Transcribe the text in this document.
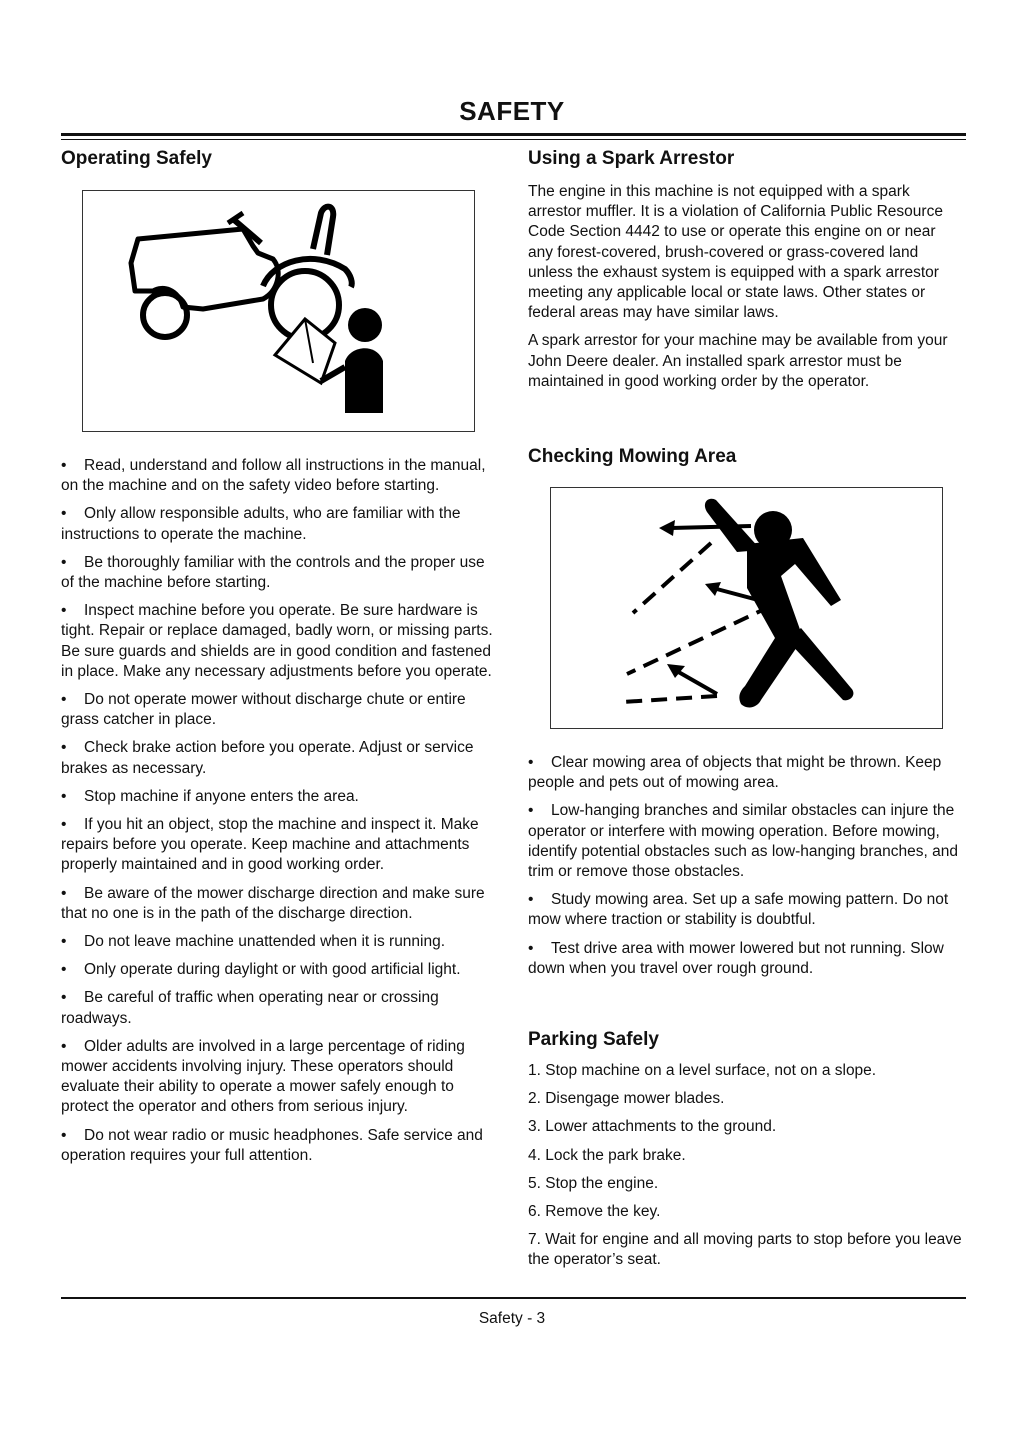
SAFETY
Operating Safely

• Read, understand and follow all instructions in the manual, on the machine and on the safety video before starting.

• Only allow responsible adults, who are familiar with the instructions to operate the machine.

• Be thoroughly familiar with the controls and the proper use of the machine before starting.

• Inspect machine before you operate. Be sure hardware is tight. Repair or replace damaged, badly worn, or missing parts. Be sure guards and shields are in good condition and fastened in place. Make any necessary adjustments before you operate.

• Do not operate mower without discharge chute or entire grass catcher in place.

• Check brake action before you operate. Adjust or service brakes as necessary.

• Stop machine if anyone enters the area.

• If you hit an object, stop the machine and inspect it. Make repairs before you operate. Keep machine and attachments properly maintained and in good working order.

• Be aware of the mower discharge direction and make sure that no one is in the path of the discharge direction.

• Do not leave machine unattended when it is running.

• Only operate during daylight or with good artificial light.

• Be careful of traffic when operating near or crossing roadways.

• Older adults are involved in a large percentage of riding mower accidents involving injury. These operators should evaluate their ability to operate a mower safely enough to protect the operator and others from serious injury.

• Do not wear radio or music headphones. Safe service and operation requires your full attention.

Using a Spark Arrestor

The engine in this machine is not equipped with a spark arrestor muffler. It is a violation of California Public Resource Code Section 4442 to use or operate this engine on or near any forest-covered, brush-covered or grass-covered land unless the exhaust system is equipped with a spark arrestor meeting any applicable local or state laws. Other states or federal areas may have similar laws.

A spark arrestor for your machine may be available from your John Deere dealer. An installed spark arrestor must be maintained in good working order by the operator.

Checking Mowing Area

• Clear mowing area of objects that might be thrown. Keep people and pets out of mowing area.

• Low-hanging branches and similar obstacles can injure the operator or interfere with mowing operation. Before mowing, identify potential obstacles such as low-hanging branches, and trim or remove those obstacles.

• Study mowing area. Set up a safe mowing pattern. Do not mow where traction or stability is doubtful.

• Test drive area with mower lowered but not running. Slow down when you travel over rough ground.

Parking Safely

1. Stop machine on a level surface, not on a slope.

2. Disengage mower blades.

3. Lower attachments to the ground.

4. Lock the park brake.

5. Stop the engine.

6. Remove the key.

7. Wait for engine and all moving parts to stop before you leave the operator’s seat.

Safety - 3
